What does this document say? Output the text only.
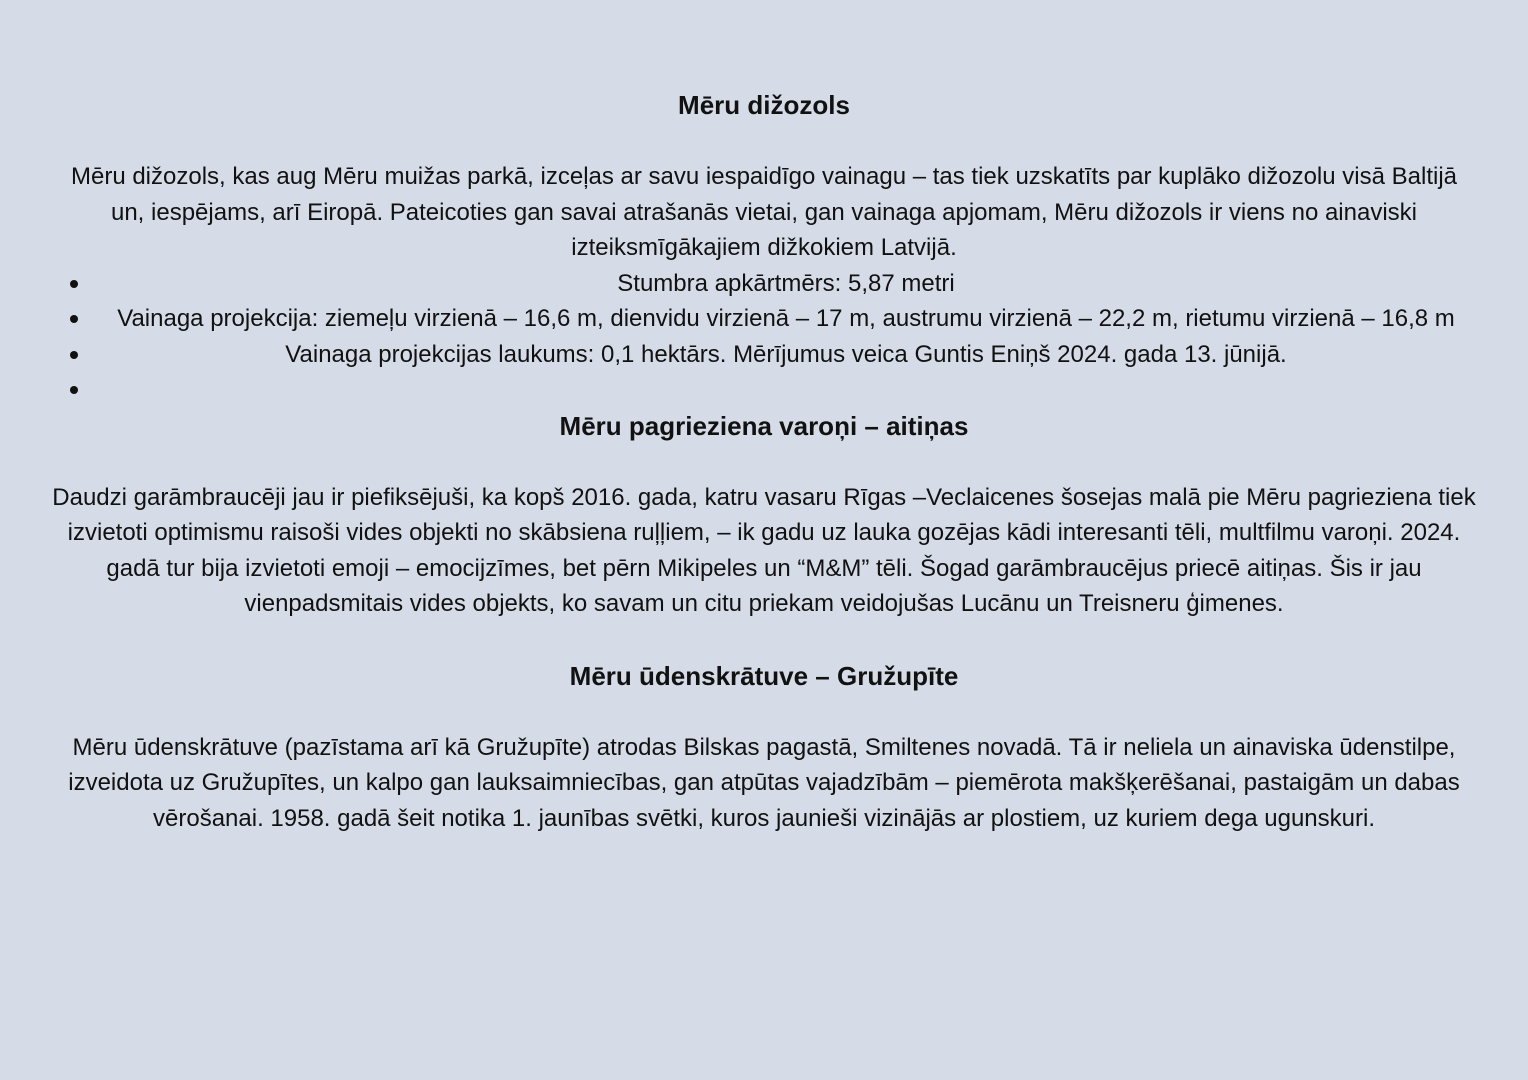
Mēru dižozols

Mēru dižozols, kas aug Mēru muižas parkā, izceļas ar savu iespaidīgo vainagu – tas tiek uzskatīts par kuplāko dižozolu visā Baltijā un, iespējams, arī Eiropā. Pateicoties gan savai atrašanās vietai, gan vainaga apjomam, Mēru dižozols ir viens no ainaviski izteiksmīgākajiem dižkokiem Latvijā.

Stumbra apkārtmērs: 5,87 metri
Vainaga projekcija: ziemeļu virzienā – 16,6 m, dienvidu virzienā – 17 m, austrumu virzienā – 22,2 m, rietumu virzienā – 16,8 m
Vainaga projekcijas laukums: 0,1 hektārs. Mērījumus veica Guntis Eniņš 2024. gada 13. jūnijā.
Mēru pagrieziena varoņi – aitiņas

Daudzi garāmbraucēji jau ir piefiksējuši, ka kopš 2016. gada, katru vasaru Rīgas –Veclaicenes šosejas malā pie Mēru pagrieziena tiek izvietoti optimismu raisoši vides objekti no skābsiena ruļļiem, – ik gadu uz lauka gozējas kādi interesanti tēli, multfilmu varoņi. 2024. gadā tur bija izvietoti emoji – emocijzīmes, bet pērn Mikipeles un “M&M” tēli. Šogad garāmbraucējus priecē aitiņas. Šis ir jau vienpadsmitais vides objekts, ko savam un citu priekam veidojušas Lucānu un Treisneru ģimenes.

Mēru ūdenskrātuve – Gružupīte

Mēru ūdenskrātuve (pazīstama arī kā Gružupīte) atrodas Bilskas pagastā, Smiltenes novadā. Tā ir neliela un ainaviska ūdenstilpe, izveidota uz Gružupītes, un kalpo gan lauksaimniecības, gan atpūtas vajadzībām – piemērota makšķerēšanai, pastaigām un dabas vērošanai. 1958. gadā šeit notika 1. jaunības svētki, kuros jaunieši vizinājās ar plostiem, uz kuriem dega ugunskuri.
